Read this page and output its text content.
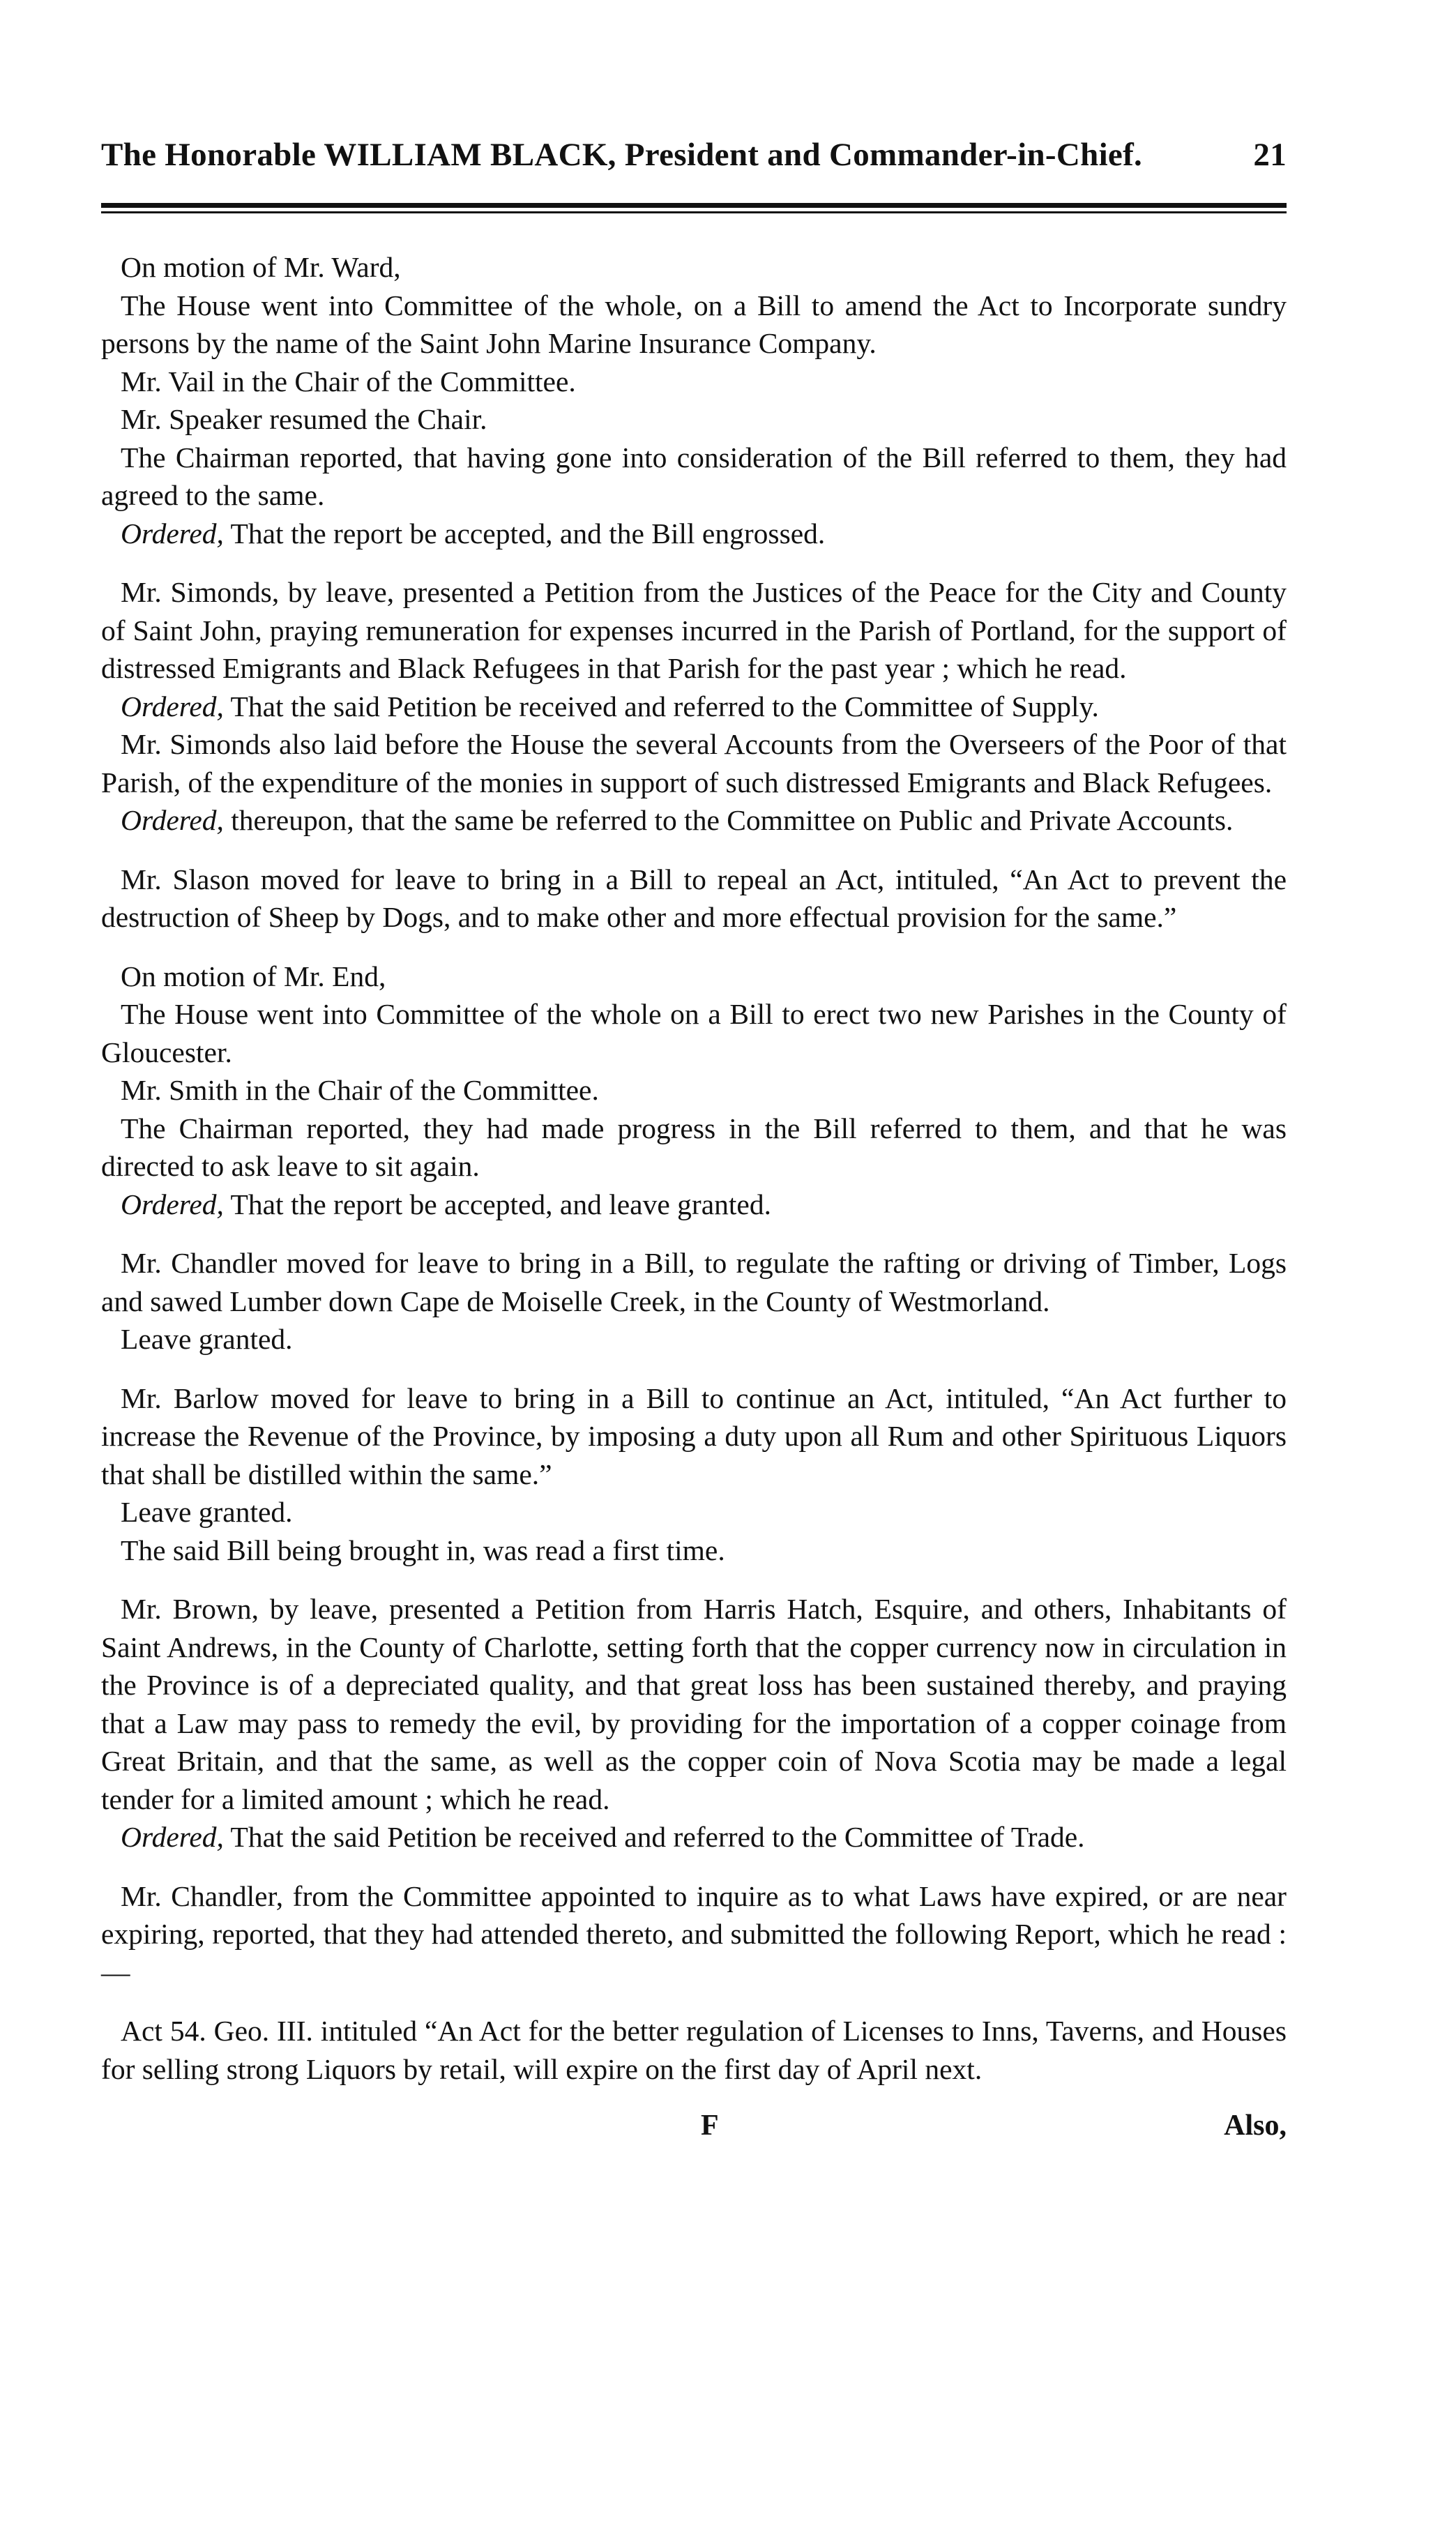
The Honorable WILLIAM BLACK, President and Commander-in-Chief.	21

On motion of Mr. Ward,

The House went into Committee of the whole, on a Bill to amend the Act to Incorporate sundry persons by the name of the Saint John Marine Insurance Company.

Mr. Vail in the Chair of the Committee.

Mr. Speaker resumed the Chair.

The Chairman reported, that having gone into consideration of the Bill referred to them, they had agreed to the same.

Ordered, That the report be accepted, and the Bill engrossed.

Mr. Simonds, by leave, presented a Petition from the Justices of the Peace for the City and County of Saint John, praying remuneration for expenses incurred in the Parish of Portland, for the support of distressed Emigrants and Black Refugees in that Parish for the past year ; which he read.

Ordered, That the said Petition be received and referred to the Committee of Supply.

Mr. Simonds also laid before the House the several Accounts from the Overseers of the Poor of that Parish, of the expenditure of the monies in support of such distressed Emigrants and Black Refugees.

Ordered, thereupon, that the same be referred to the Committee on Public and Private Accounts.

Mr. Slason moved for leave to bring in a Bill to repeal an Act, intituled, “An Act to prevent the destruction of Sheep by Dogs, and to make other and more effectual provision for the same.”

On motion of Mr. End,

The House went into Committee of the whole on a Bill to erect two new Parishes in the County of Gloucester.

Mr. Smith in the Chair of the Committee.

The Chairman reported, they had made progress in the Bill referred to them, and that he was directed to ask leave to sit again.

Ordered, That the report be accepted, and leave granted.

Mr. Chandler moved for leave to bring in a Bill, to regulate the rafting or driving of Timber, Logs and sawed Lumber down Cape de Moiselle Creek, in the County of Westmorland.

Leave granted.

Mr. Barlow moved for leave to bring in a Bill to continue an Act, intituled, “An Act further to increase the Revenue of the Province, by imposing a duty upon all Rum and other Spirituous Liquors that shall be distilled within the same.”

Leave granted.

The said Bill being brought in, was read a first time.

Mr. Brown, by leave, presented a Petition from Harris Hatch, Esquire, and others, Inhabitants of Saint Andrews, in the County of Charlotte, setting forth that the copper currency now in circulation in the Province is of a depreciated quality, and that great loss has been sustained thereby, and praying that a Law may pass to remedy the evil, by providing for the importation of a copper coinage from Great Britain, and that the same, as well as the copper coin of Nova Scotia may be made a legal tender for a limited amount ; which he read.

Ordered, That the said Petition be received and referred to the Committee of Trade.

Mr. Chandler, from the Committee appointed to inquire as to what Laws have expired, or are near expiring, reported, that they had attended thereto, and submitted the following Report, which he read :—

Act 54. Geo. III. intituled “An Act for the better regulation of Licenses to Inns, Taverns, and Houses for selling strong Liquors by retail, will expire on the first day of April next.

F	Also,
